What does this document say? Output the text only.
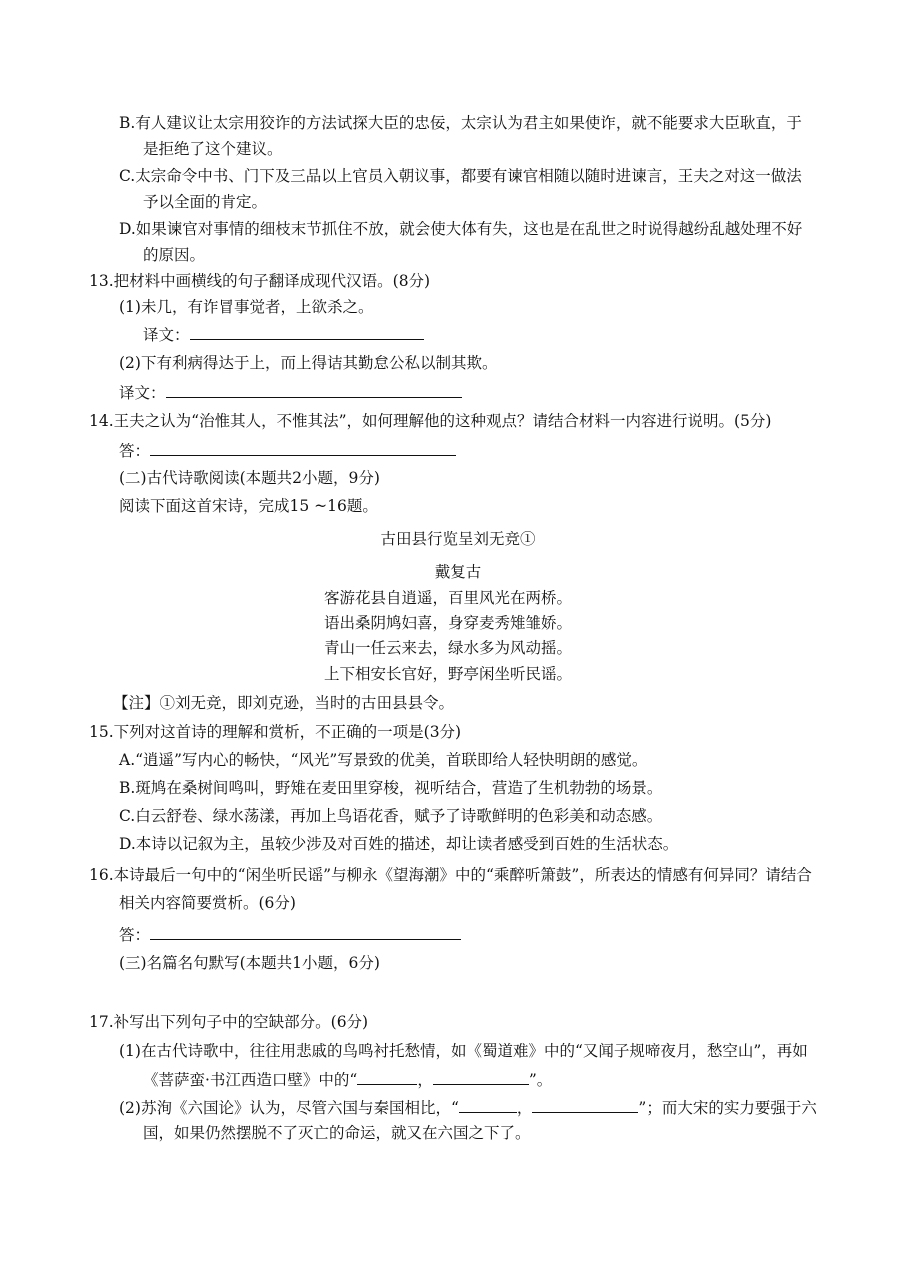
B.有人建议让太宗用狡诈的方法试探大臣的忠佞，太宗认为君主如果使诈，就不能要求大臣耿直，于
是拒绝了这个建议。
C.太宗命令中书、门下及三品以上官员入朝议事，都要有谏官相随以随时进谏言，王夫之对这一做法
予以全面的肯定。
D.如果谏官对事情的细枝末节抓住不放，就会使大体有失，这也是在乱世之时说得越纷乱越处理不好
的原因。
13.把材料中画横线的句子翻译成现代汉语。(8分)
(1)未几，有诈冒事觉者，上欲杀之。
译文：
(2)下有利病得达于上，而上得诘其勤怠公私以制其欺。
译文：
14.王夫之认为“治惟其人，不惟其法”，如何理解他的这种观点？请结合材料一内容进行说明。(5分)
答：
(二)古代诗歌阅读(本题共2小题，9分)
阅读下面这首宋诗，完成15 ~16题。
古田县行览呈刘无竞①
戴复古
客游花县自逍遥，百里风光在两桥。
语出桑阴鸠妇喜，身穿麦秀雉雏娇。
青山一任云来去，绿水多为风动摇。
上下相安长官好，野亭闲坐听民谣。
【注】①刘无竞，即刘克逊，当时的古田县县令。
15.下列对这首诗的理解和赏析，不正确的一项是(3分)
A.“逍遥”写内心的畅快，“风光”写景致的优美，首联即给人轻快明朗的感觉。
B.斑鸠在桑树间鸣叫，野雉在麦田里穿梭，视听结合，营造了生机勃勃的场景。
C.白云舒卷、绿水荡漾，再加上鸟语花香，赋予了诗歌鲜明的色彩美和动态感。
D.本诗以记叙为主，虽较少涉及对百姓的描述，却让读者感受到百姓的生活状态。
16.本诗最后一句中的“闲坐听民谣”与柳永《望海潮》中的“乘醉听箫鼓”，所表达的情感有何异同？请结合
相关内容简要赏析。(6分)
答：
(三)名篇名句默写(本题共1小题，6分)
17.补写出下列句子中的空缺部分。(6分)
(1)在古代诗歌中，往往用悲戚的鸟鸣衬托愁情，如《蜀道难》中的“又闻子规啼夜月，愁空山”，再如
《菩萨蛮·书江西造口壁》中的“	，	”。
(2)苏洵《六国论》认为，尽管六国与秦国相比，“	，	”；而大宋的实力要强于六
国，如果仍然摆脱不了灭亡的命运，就又在六国之下了。
